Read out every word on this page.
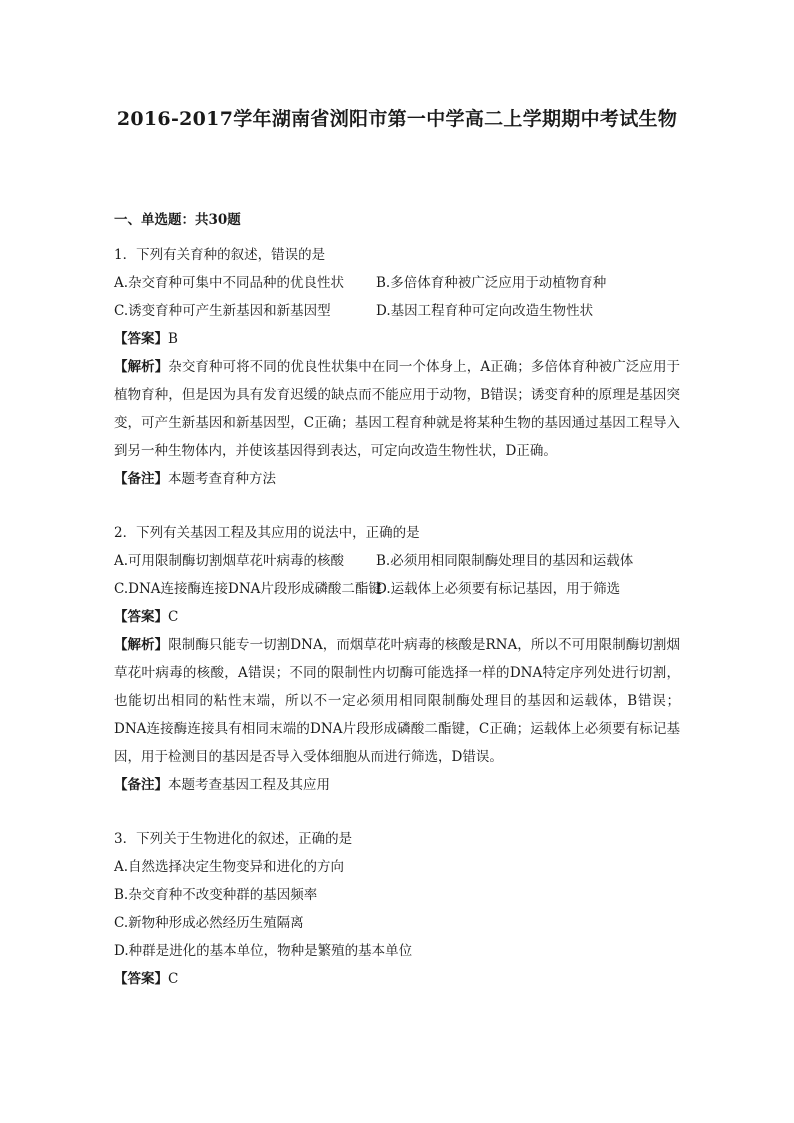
2016-2017学年湖南省浏阳市第一中学高二上学期期中考试生物
一、单选题：共30题
1．下列有关育种的叙述，错误的是
A.杂交育种可集中不同品种的优良性状 B.多倍体育种被广泛应用于动植物育种
C.诱变育种可产生新基因和新基因型	D.基因工程育种可定向改造生物性状
【答案】B
【解析】杂交育种可将不同的优良性状集中在同一个体身上，A正确；多倍体育种被广泛应用于植物育种，但是因为具有发育迟缓的缺点而不能应用于动物，B错误；诱变育种的原理是基因突变，可产生新基因和新基因型，C正确；基因工程育种就是将某种生物的基因通过基因工程导入到另一种生物体内，并使该基因得到表达，可定向改造生物性状，D正确。
【备注】本题考查育种方法
2．下列有关基因工程及其应用的说法中，正确的是
A.可用限制酶切割烟草花叶病毒的核酸 B.必须用相同限制酶处理目的基因和运载体
C.DNA连接酶连接DNA片段形成磷酸二酯键D.运载体上必须要有标记基因，用于筛选
【答案】C
【解析】限制酶只能专一切割DNA，而烟草花叶病毒的核酸是RNA，所以不可用限制酶切割烟草花叶病毒的核酸，A错误；不同的限制性内切酶可能选择一样的DNA特定序列处进行切割，也能切出相同的粘性末端，所以不一定必须用相同限制酶处理目的基因和运载体，B错误；DNA连接酶连接具有相同末端的DNA片段形成磷酸二酯键，C正确；运载体上必须要有标记基因，用于检测目的基因是否导入受体细胞从而进行筛选，D错误。
【备注】本题考查基因工程及其应用
3．下列关于生物进化的叙述，正确的是
A.自然选择决定生物变异和进化的方向
B.杂交育种不改变种群的基因频率
C.新物种形成必然经历生殖隔离
D.种群是进化的基本单位，物种是繁殖的基本单位
【答案】C
